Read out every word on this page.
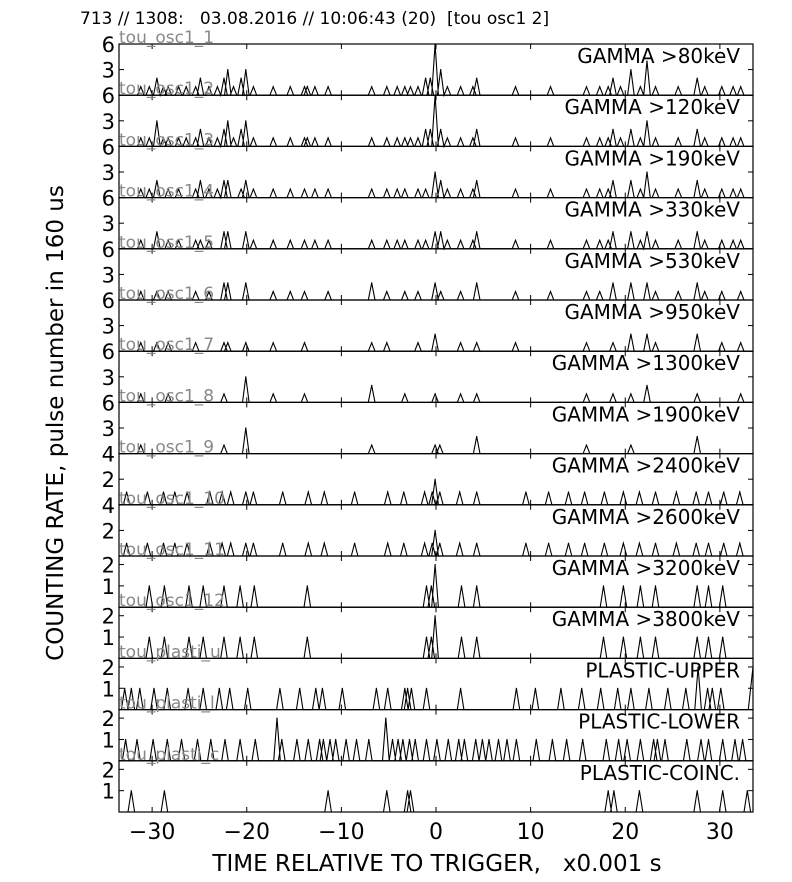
713 // 1308:   03.08.2016 // 10:06:43 (20)  [tou osc1 2]
COUNTING RATE, pulse number in 160 us
TIME RELATIVE TO TRIGGER,   x0.001 s
3
6	GAMMA >80keV
tou_osc1_1
3
6	GAMMA >120keV
tou_osc1_2
3
6	GAMMA >190keV
tou_osc1_3
3
6	GAMMA >330keV
tou_osc1_4
3
6	GAMMA >530keV
tou_osc1_5
3
6	GAMMA >950keV
tou_osc1_6
3
6	GAMMA >1300keV
tou_osc1_7
3
6	GAMMA >1900keV
tou_osc1_8
2
4	GAMMA >2400keV
tou_osc1_9
2
4	GAMMA >2600keV
tou_osc1_10
1
2	GAMMA >3200keV
tou_osc1_11
1
2	GAMMA >3800keV
tou_osc1_12
1
2	PLASTIC-UPPER
tou_plasti_u
1
2	PLASTIC-LOWER
tou_plasti_l
1
2	PLASTIC-COINC.
tou_plasti_c
−30 −20 −10	0	10	20	30
